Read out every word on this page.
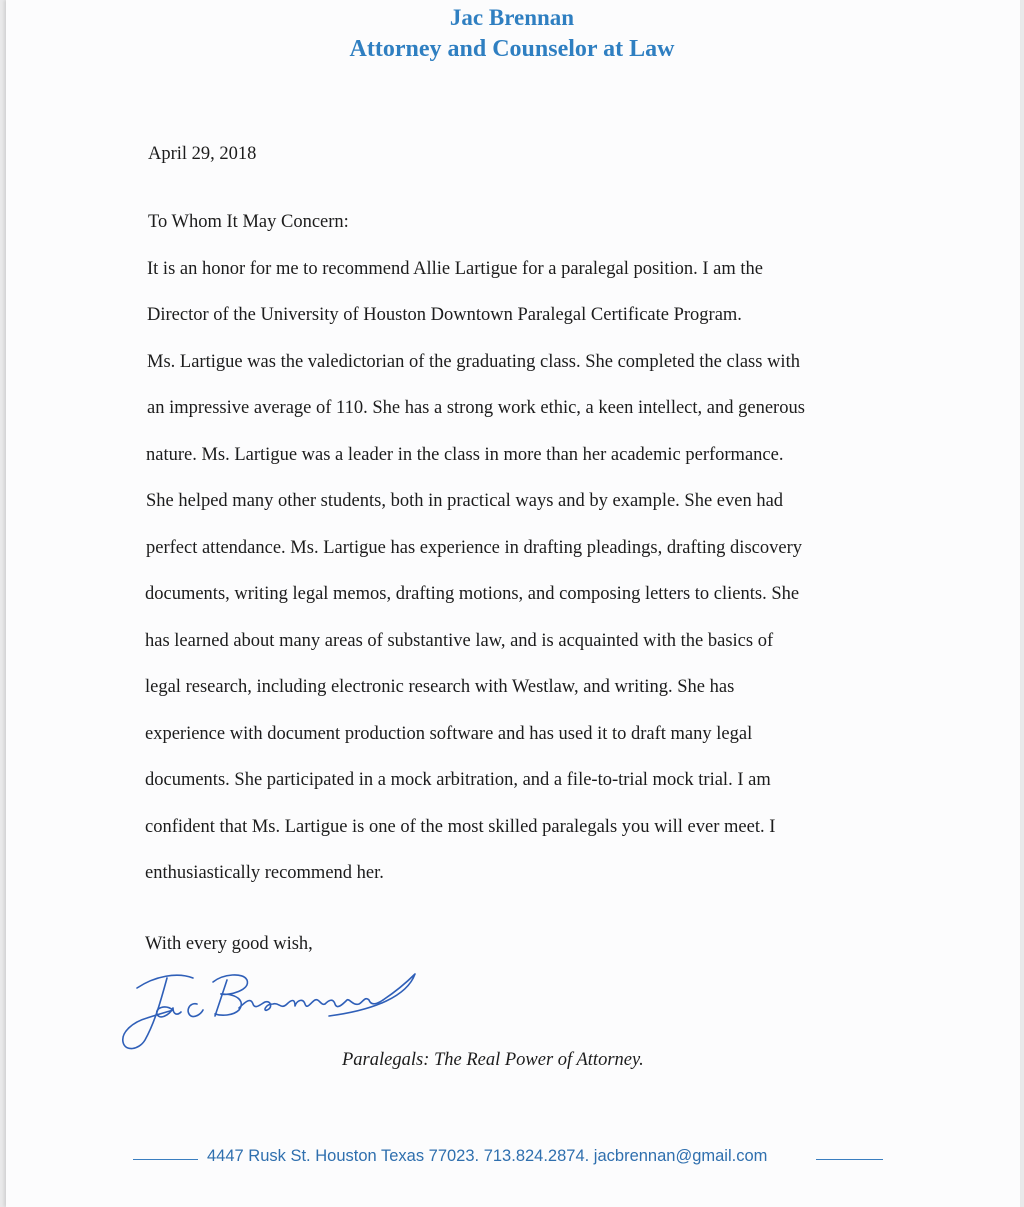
Jac Brennan
Attorney and Counselor at Law
April 29, 2018
To Whom It May Concern:
It is an honor for me to recommend Allie Lartigue for a paralegal position. I am the
Director of the University of Houston Downtown Paralegal Certificate Program.
Ms. Lartigue was the valedictorian of the graduating class. She completed the class with
an impressive average of 110. She has a strong work ethic, a keen intellect, and generous
nature. Ms. Lartigue was a leader in the class in more than her academic performance.
She helped many other students, both in practical ways and by example. She even had
perfect attendance. Ms. Lartigue has experience in drafting pleadings, drafting discovery
documents, writing legal memos, drafting motions, and composing letters to clients. She
has learned about many areas of substantive law, and is acquainted with the basics of
legal research, including electronic research with Westlaw, and writing. She has
experience with document production software and has used it to draft many legal
documents. She participated in a mock arbitration, and a file-to-trial mock trial. I am
confident that Ms. Lartigue is one of the most skilled paralegals you will ever meet. I
enthusiastically recommend her.
With every good wish,
Paralegals: The Real Power of Attorney.
4447 Rusk St. Houston Texas 77023. 713.824.2874. jacbrennan@gmail.com
